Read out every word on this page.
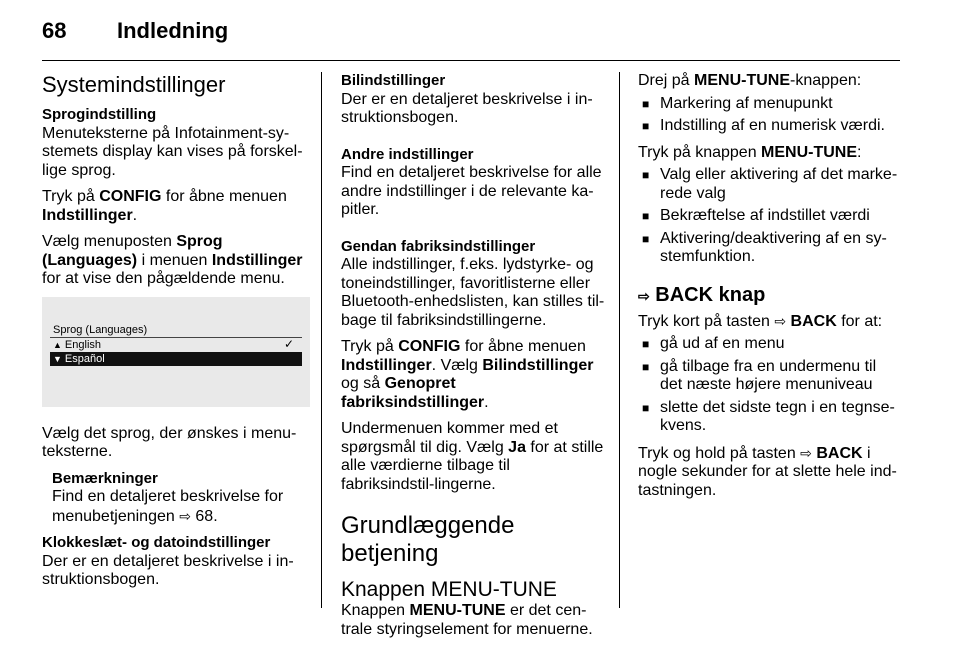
68 Indledning
Systemindstillinger
Sprogindstilling

Menuteksterne på Infotainment-sy-stemets display kan vises på forskel-lige sprog.

Tryk på CONFIG for åbne menuen Indstillinger.

Vælg menuposten Sprog (Languages) i menuen Indstillinger for at vise den pågældende menu.

Sprog (Languages)
▲ English	✓
▼ Español

Vælg det sprog, der ønskes i menu-teksterne.

Bemærkninger

Find en detaljeret beskrivelse for menubetjeningen ⇨ 68.

Klokkeslæt- og datoindstillinger

Der er en detaljeret beskrivelse i in-struktionsbogen.

Bilindstillinger

Der er en detaljeret beskrivelse i in-struktionsbogen.

Andre indstillinger

Find en detaljeret beskrivelse for alle andre indstillinger i de relevante ka-pitler.

Gendan fabriksindstillinger

Alle indstillinger, f.eks. lydstyrke- og toneindstillinger, favoritlisterne eller Bluetooth-enhedslisten, kan stilles til-bage til fabriksindstillingerne.

Tryk på CONFIG for åbne menuen Indstillinger. Vælg Bilindstillinger og så Genopret fabriksindstillinger.

Undermenuen kommer med et spørgsmål til dig. Vælg Ja for at stille alle værdierne tilbage til fabriksindstil-lingerne.

Grundlæggende betjening
Knappen MENU-TUNE

Knappen MENU-TUNE er det cen-trale styringselement for menuerne.

Drej på MENU-TUNE-knappen:

■ Markering af menupunkt
■ Indstilling af en numerisk værdi.

Tryk på knappen MENU-TUNE:

■ Valg eller aktivering af det marke-rede valg
■ Bekræftelse af indstillet værdi
■ Aktivering/deaktivering af en sy-stemfunktion.
⇨ BACK knap

Tryk kort på tasten ⇨ BACK for at:

■ gå ud af en menu
■ gå tilbage fra en undermenu til det næste højere menuniveau
■ slette det sidste tegn i en tegnse-kvens.

Tryk og hold på tasten ⇨ BACK i nogle sekunder for at slette hele ind-tastningen.
